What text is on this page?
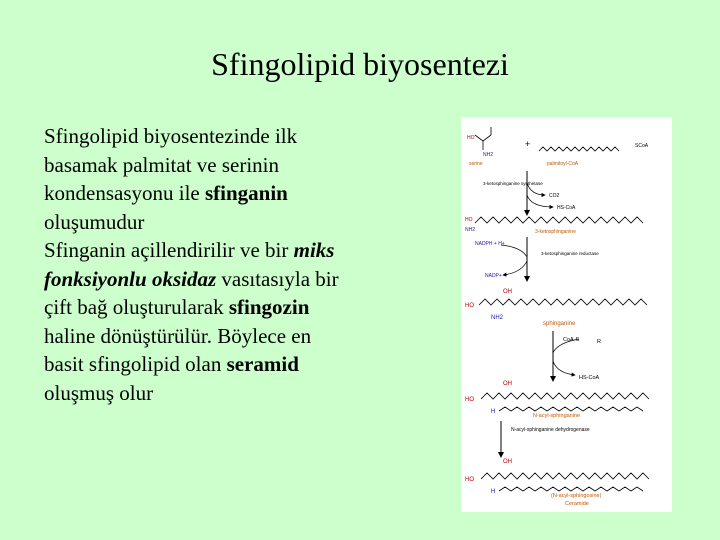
Sfingolipid biyosentezi
Sfingolipid biyosentezinde ilk basamak palmitat ve serinin kondensasyonu ile sfinganin oluşumudur
Sfinganin açillendirilir ve bir miks fonksiyonlu oksidaz vasıtasıyla bir çift bağ oluşturularak sfingozin haline dönüştürülür. Böylece en basit sfingolipid olan seramid oluşmuş olur
HO
NH2
serine
+	SCoA
palmitoyl-CoA
3-ketosphinganine synthetase
CO2
HS-CoA
HO
NH2	3-ketosphinganine
NADPH + H+
3-ketosphinganine reductase
NADP+
OH
HO
NH2
sphinganine
CoA-S	R
HS-CoA
OH
HO
H
N-acyl-sphinganine
N-acyl-sphinganine dehydrogenase
OH
HO
H
(N-acyl-sphingosine)
Ceramide
